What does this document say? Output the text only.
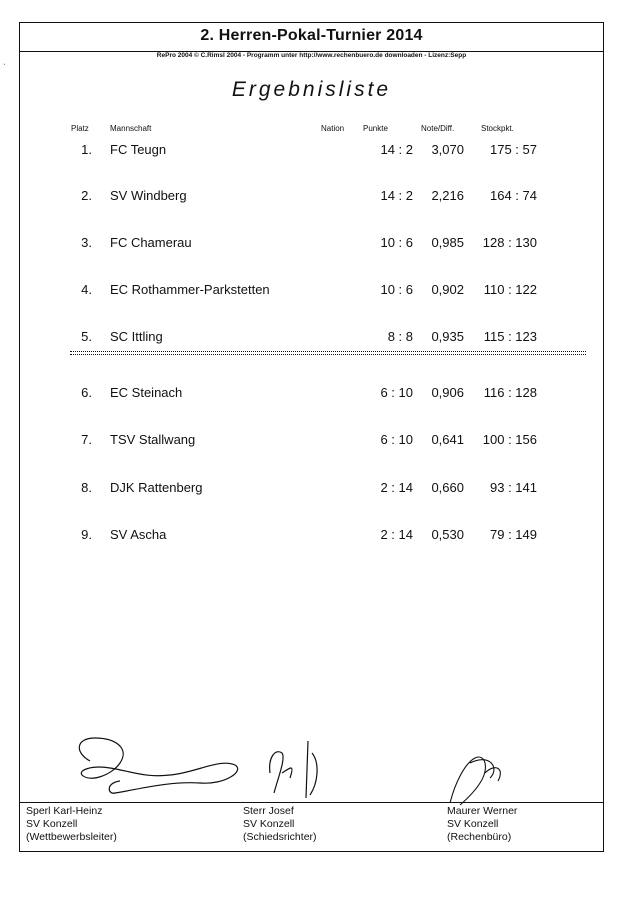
2. Herren-Pokal-Turnier 2014
RePro 2004 © C.Rimsl 2004 - Programm unter http://www.rechenbuero.de downloaden - Lizenz:Sepp
Ergebnisliste
Platz	Mannschaft	Nation Punkte	Note/Diff.	Stockpkt.
1. FC Teugn	14 : 2 3,070	175 : 57
2. SV Windberg	14 : 2 2,216	164 : 74
3. FC Chamerau	10 : 6 0,985	128 : 130
4. EC Rothammer-Parkstetten	10 : 6 0,902	110 : 122
5. SC Ittling	8 : 8 0,935	115 : 123
6. EC Steinach	6 : 10 0,906	116 : 128
7. TSV Stallwang	6 : 10 0,641	100 : 156
8. DJK Rattenberg	2 : 14 0,660	93 : 141
9. SV Ascha	2 : 14 0,530	79 : 149
Sperl Karl-Heinz
SV Konzell
(Wettbewerbsleiter)
Sterr Josef
SV Konzell
(Schiedsrichter)
Maurer Werner
SV Konzell
(Rechenbüro)
`
